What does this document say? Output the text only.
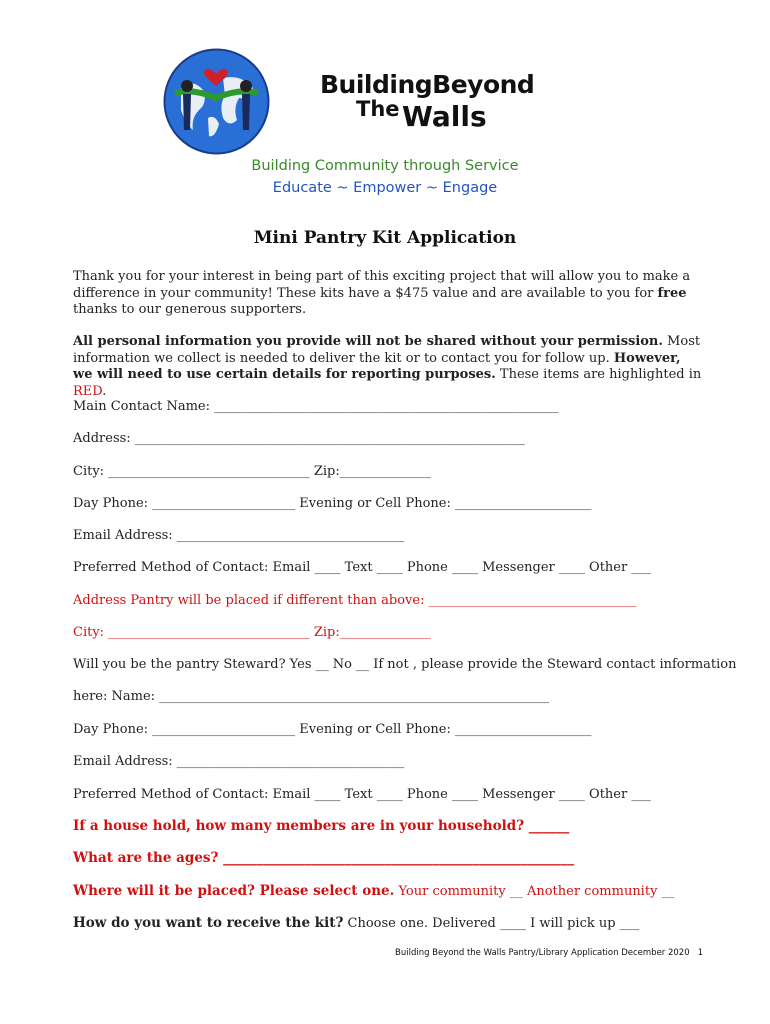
BuildingBeyond
The Walls
Building Community through Service
Educate ~ Empower ~ Engage
Mini Pantry Kit Application
Thank you for your interest in being part of this exciting project that will allow you to make a difference in your community! These kits have a $475 value and are available to you for free thanks to our generous supporters.
All personal information you provide will not be shared without your permission. Most information we collect is needed to deliver the kit or to contact you for follow up. However, we will need to use certain details for reporting purposes. These items are highlighted in RED.
Main Contact Name: _____________________________________________________
Address: ____________________________________________________________
City: _______________________________ Zip:______________
Day Phone: ______________________ Evening or Cell Phone: _____________________
Email Address: ___________________________________
Preferred Method of Contact: Email ____ Text ____ Phone ____ Messenger ____ Other ___
Address Pantry will be placed if different than above: ________________________________
City: _______________________________ Zip:______________
Will you be the pantry Steward? Yes __ No __ If not , please provide the Steward contact information
here: Name: ____________________________________________________________
Day Phone: ______________________ Evening or Cell Phone: _____________________
Email Address: ___________________________________
Preferred Method of Contact: Email ____ Text ____ Phone ____ Messenger ____ Other ___
If a house hold, how many members are in your household? ______
What are the ages? ____________________________________________________
Where will it be placed? Please select one. Your community __ Another community __
How do you want to receive the kit? Choose one. Delivered ____ I will pick up ___
Building Beyond the Walls Pantry/Library Application December 2020 1
